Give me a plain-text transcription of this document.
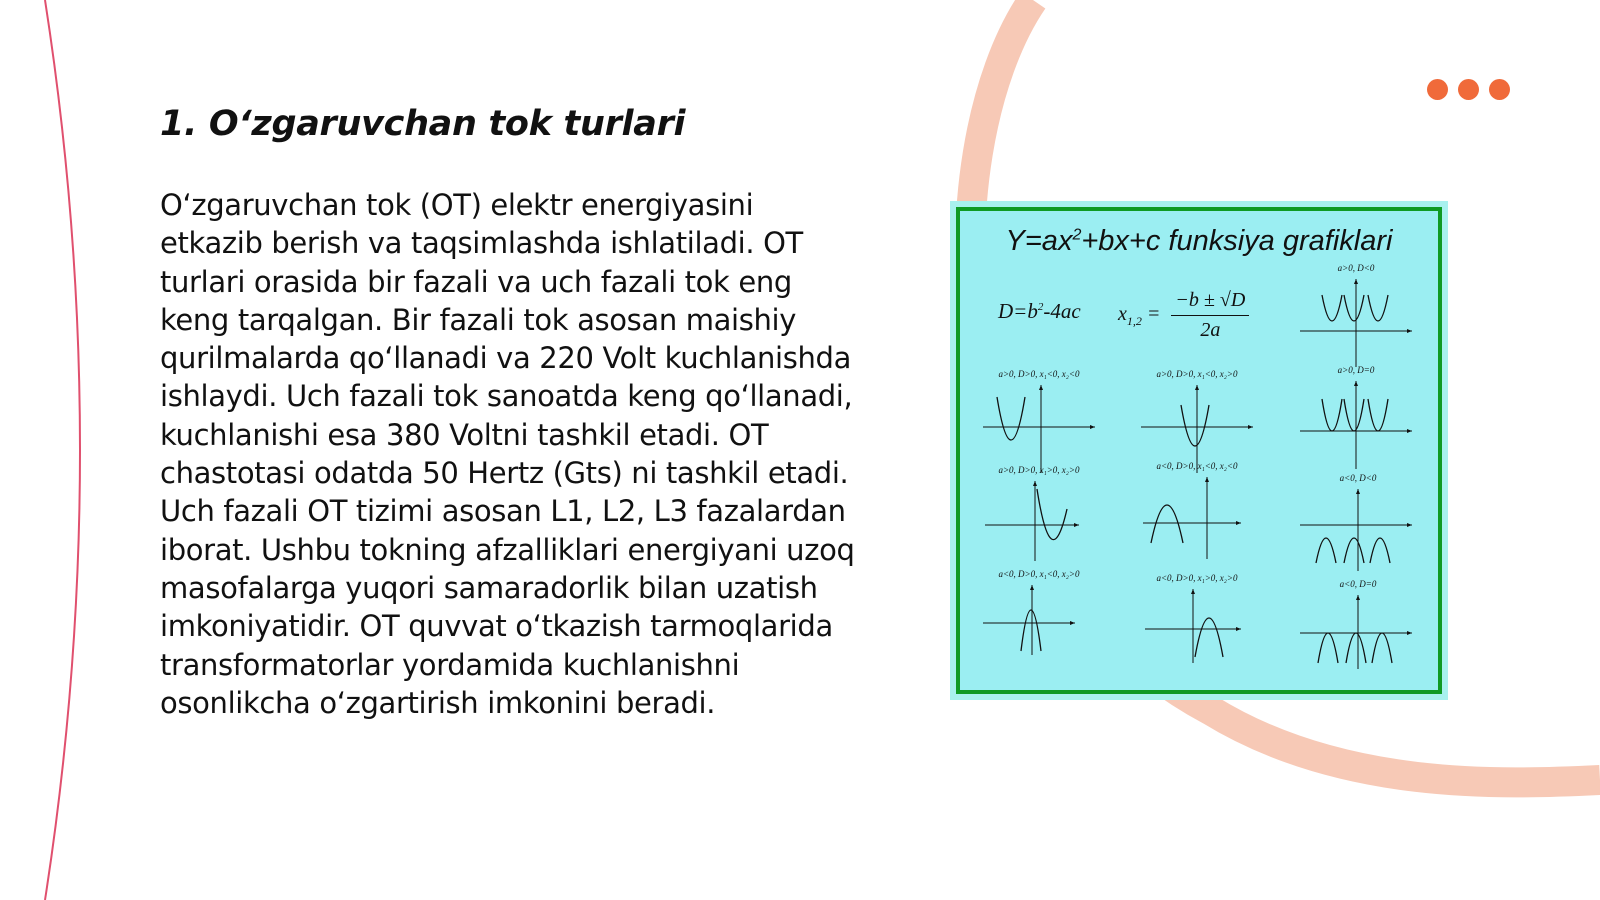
1. O‘zgaruvchan tok turlari

O‘zgaruvchan tok (OT) elektr energiyasini etkazib berish va taqsimlashda ishlatiladi. OT turlari orasida bir fazali va uch fazali tok eng keng tarqalgan. Bir fazali tok asosan maishiy qurilmalarda qo‘llanadi va 220 Volt kuchlanishda ishlaydi. Uch fazali tok sanoatda keng qo‘llanadi, kuchlanishi esa 380 Voltni tashkil etadi. OT chastotasi odatda 50 Hertz (Gts) ni tashkil etadi. Uch fazali OT tizimi asosan L1, L2, L3 fazalardan iborat. Ushbu tokning afzalliklari energiyani uzoq masofalarga yuqori samaradorlik bilan uzatish imkoniyatidir. OT quvvat o‘tkazish tarmoqlarida transformatorlar yordamida kuchlanishni osonlikcha o‘zgartirish imkonini beradi.

$Y=ax^2+bx+c$ funksiya grafiklari
$D=b^2-4ac$ $x_{1,2} = \frac{-b \pm √D}{2a}$
a>0, D<0
a>0, D>0, x₁<0, x₂<0	a>0, D>0, x₁<0, x₂>0	a>0, D=0
a>0, D>0, x₁>0, x₂>0	a<0, D>0, x₁<0, x₂<0
a<0, D<0
a<0, D>0, x₁<0, x₂>0	a<0, D>0, x₁>0, x₂>0
a<0, D=0
